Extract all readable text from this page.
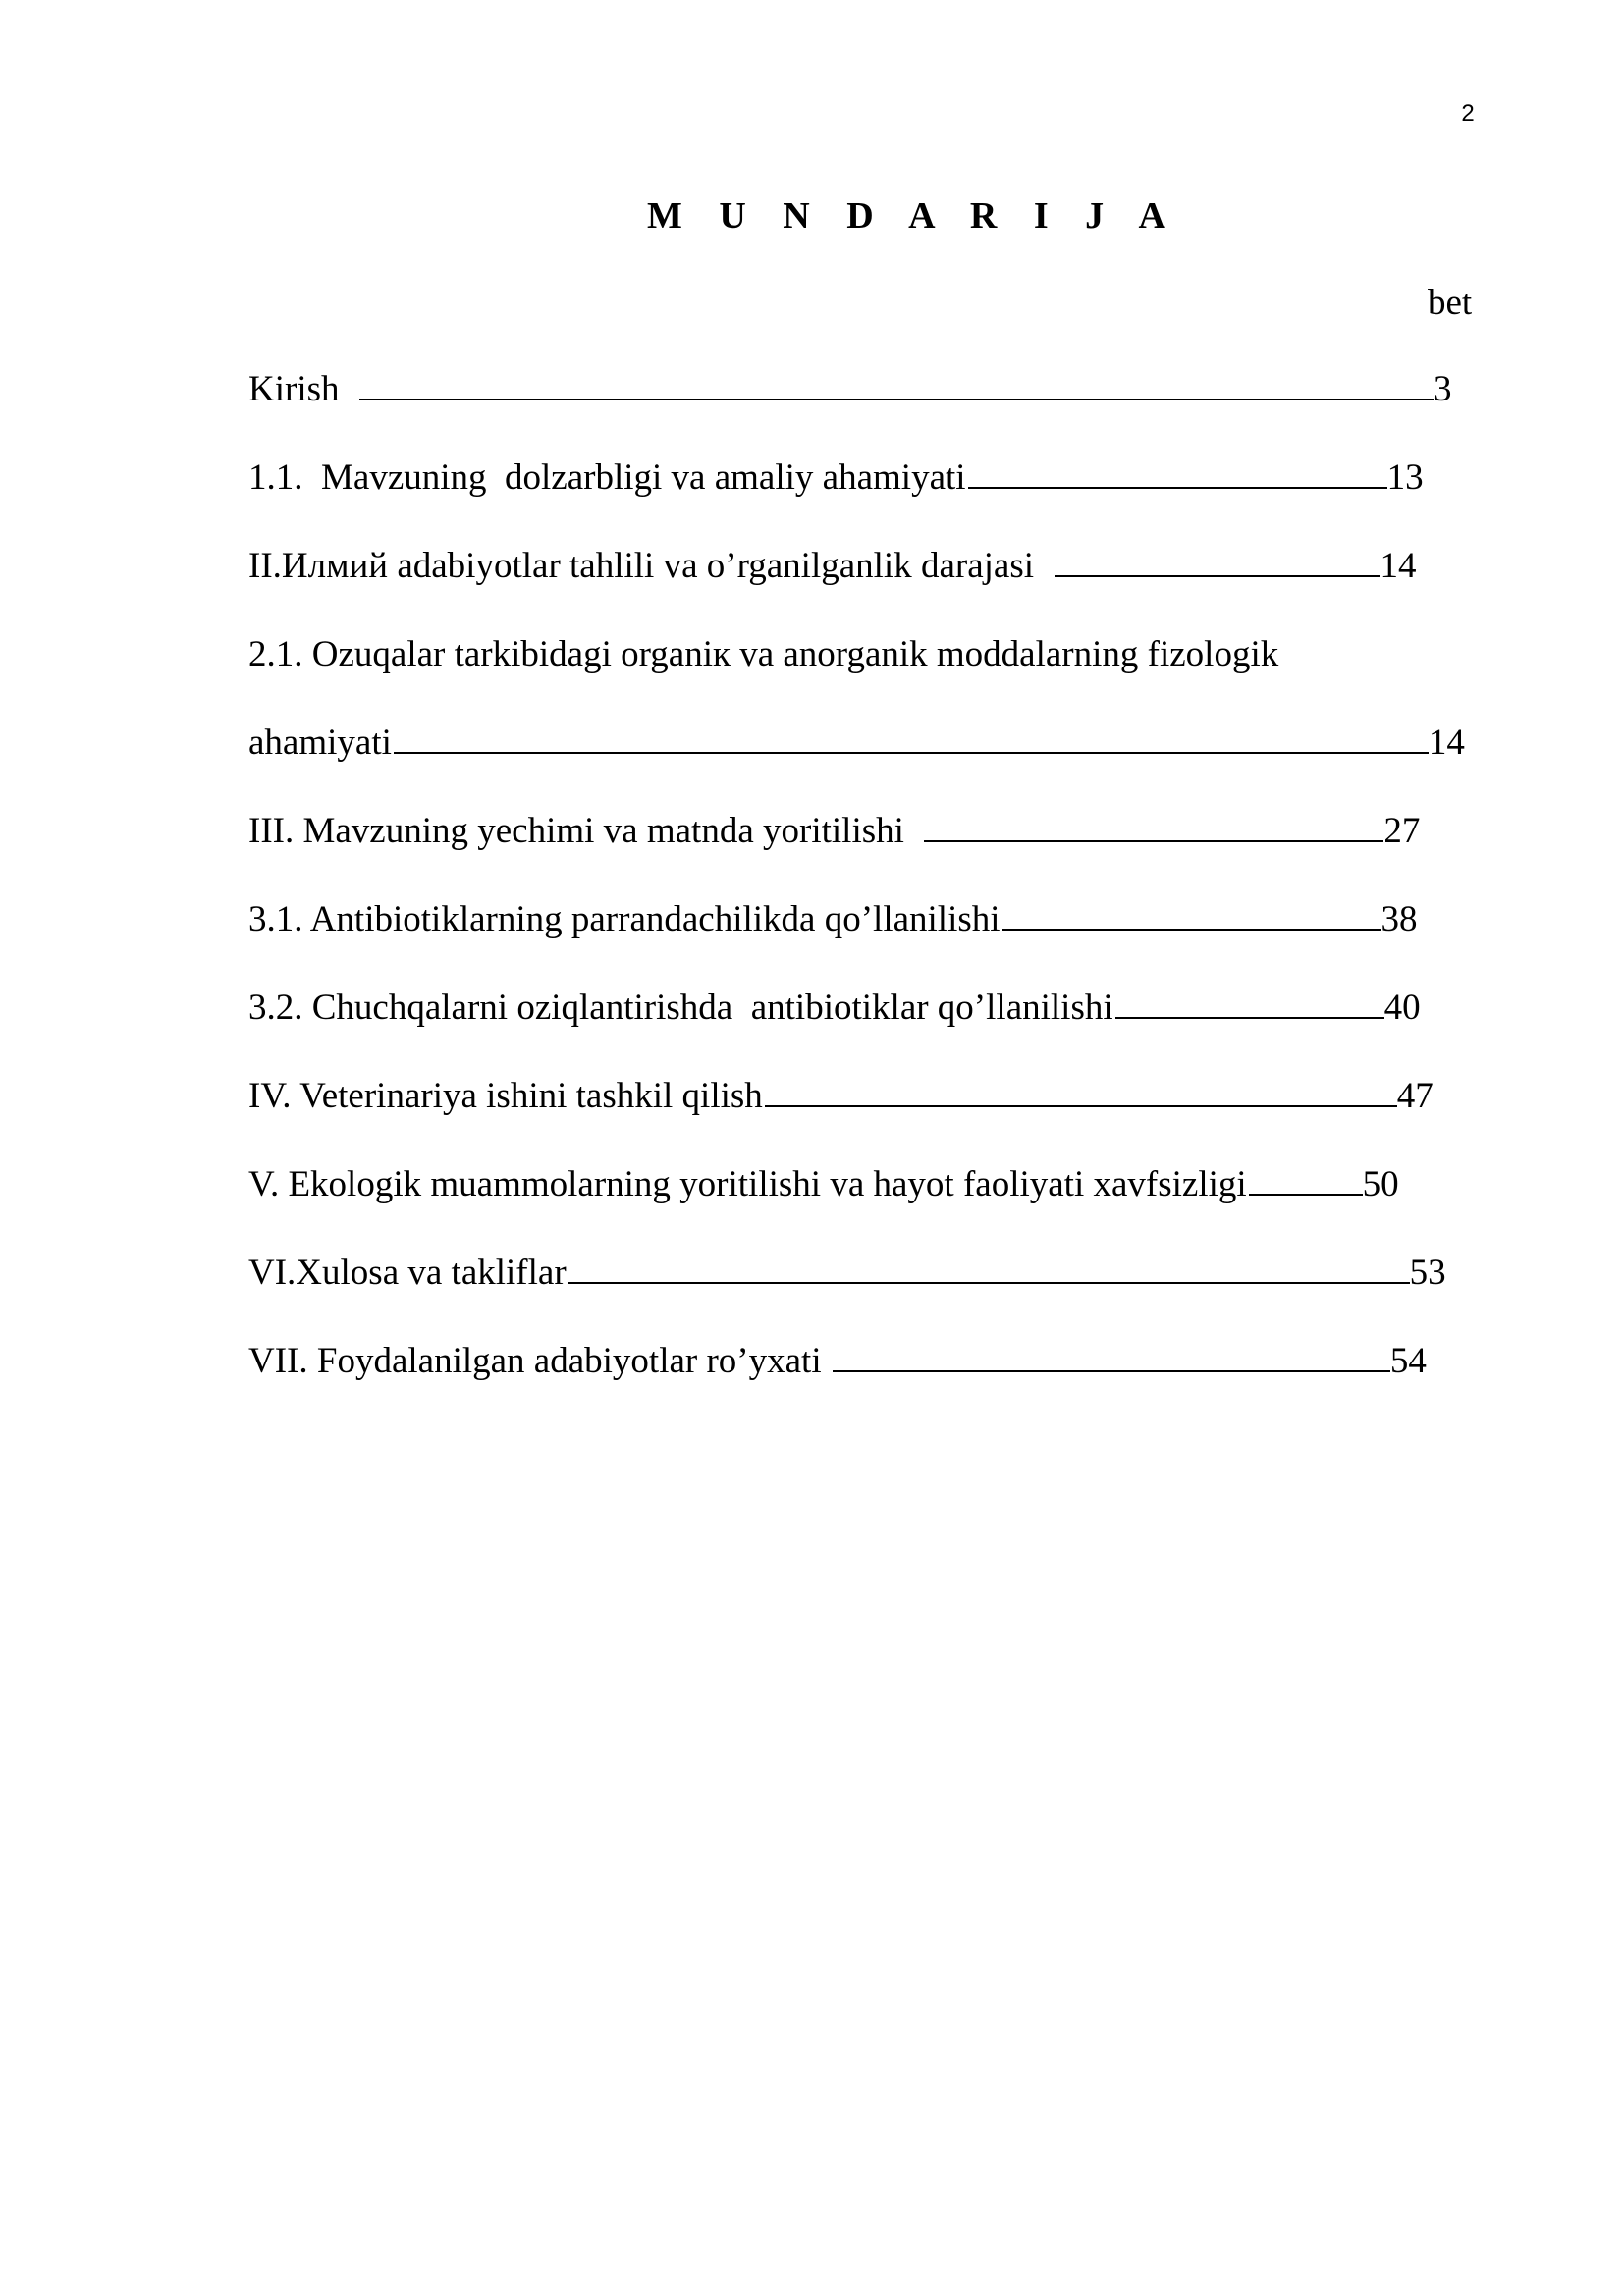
2
M U N D A R I J A
bet
Kirish	3
1.1.  Mavzuning  dolzarbligi va amaliy ahamiyati	13
II.Илмий adabiyotlar tahlili va o’rganilganlik darajasi	14
2.1. Ozuqalar tarkibidagi organiк va anorganik moddalarning fizologik
ahamiyati	14
III. Mavzuning yechimi va matnda yoritilishi	27
3.1. Antibiotiklarning parrandachilikda qo’llanilishi	38
3.2. Chuchqalarni oziqlantirishda  antibiotiklar qo’llanilishi	40
IV. Veterinariya ishini tashkil qilish	47
V. Ekologik muammolarning yoritilishi va hayot faoliyati xavfsizligi	50
VI.Xulosa va takliflar	53
VII. Foydalanilgan adabiyotlar ro’yxati	54
